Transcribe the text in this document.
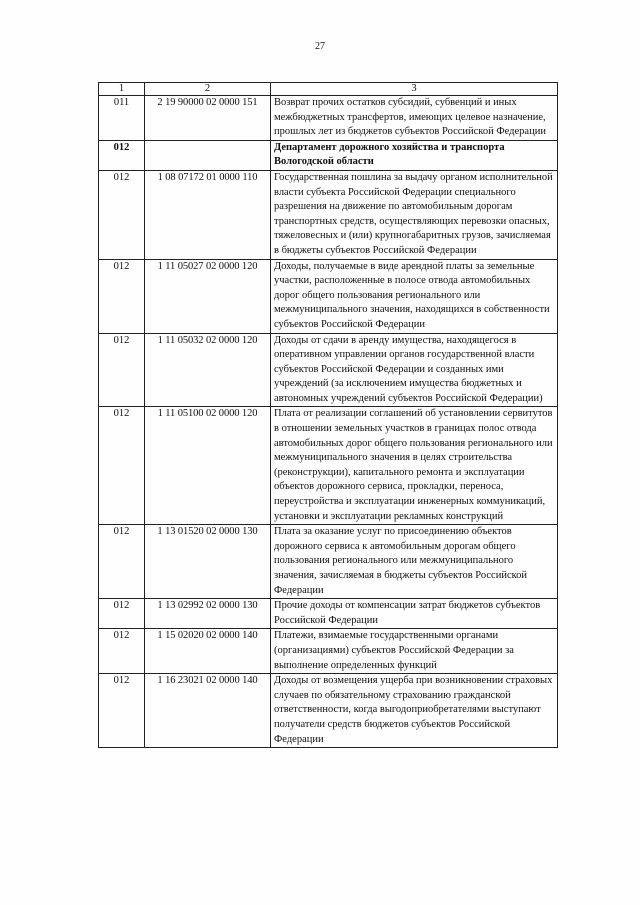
27
1	2	3
011	2 19 90000 02 0000 151	Возврат прочих остатков субсидий, субвенций и иных межбюджетных трансфертов, имеющих целевое назначение, прошлых лет из бюджетов субъектов Российской Федерации
012		Департамент дорожного хозяйства и транспорта Вологодской области
012	1 08 07172 01 0000 110	Государственная пошлина за выдачу органом исполнительной власти субъекта Российской Федерации специального разрешения на движение по автомобильным дорогам транспортных средств, осуществляющих перевозки опасных, тяжеловесных и (или) крупногабаритных грузов, зачисляемая в бюджеты субъектов Российской Федерации
012	1 11 05027 02 0000 120	Доходы, получаемые в виде арендной платы за земельные участки, расположенные в полосе отвода автомобильных дорог общего пользования регионального или межмуниципального значения, находящихся в собственности субъектов Российской Федерации
012	1 11 05032 02 0000 120	Доходы от сдачи в аренду имущества, находящегося в оперативном управлении органов государственной власти субъектов Российской Федерации и созданных ими учреждений (за исключением имущества бюджетных и автономных учреждений субъектов Российской Федерации)
012	1 11 05100 02 0000 120	Плата от реализации соглашений об установлении сервитутов в отношении земельных участков в границах полос отвода автомобильных дорог общего пользования регионального или межмуниципального значения в целях строительства (реконструкции), капитального ремонта и эксплуатации объектов дорожного сервиса, прокладки, переноса, переустройства и эксплуатации инженерных коммуникаций, установки и эксплуатации рекламных конструкций
012	1 13 01520 02 0000 130	Плата за оказание услуг по присоединению объектов дорожного сервиса к автомобильным дорогам общего пользования регионального или межмуниципального значения, зачисляемая в бюджеты субъектов Российской Федерации
012	1 13 02992 02 0000 130	Прочие доходы от компенсации затрат бюджетов субъектов Российской Федерации
012	1 15 02020 02 0000 140	Платежи, взимаемые государственными органами (организациями) субъектов Российской Федерации за выполнение определенных функций
012	1 16 23021 02 0000 140	Доходы от возмещения ущерба при возникновении страховых случаев по обязательному страхованию гражданской ответственности, когда выгодоприобретателями выступают получатели средств бюджетов субъектов Российской Федерации
